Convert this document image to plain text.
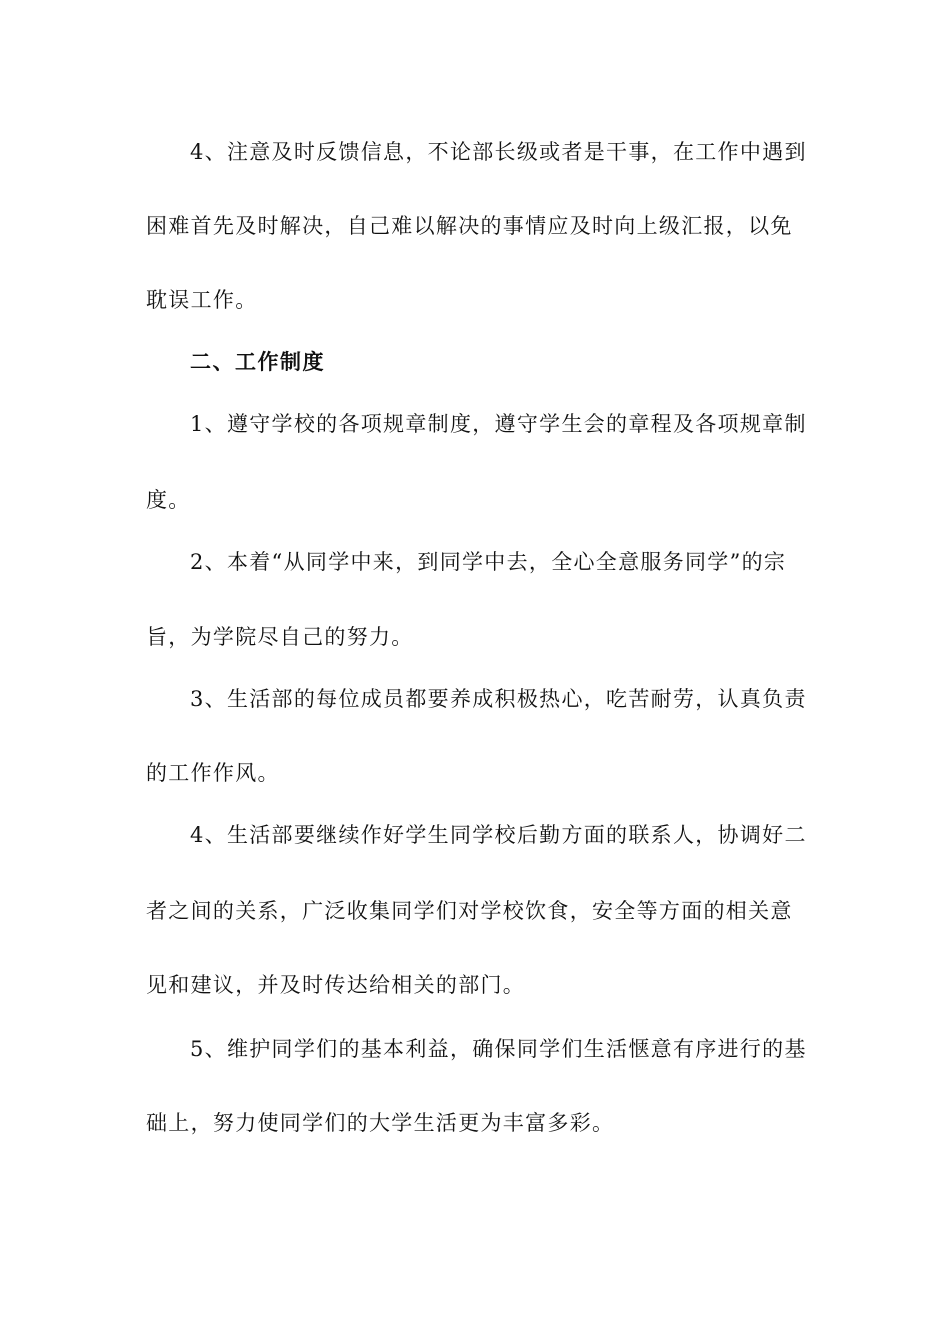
4、注意及时反馈信息，不论部长级或者是干事，在工作中遇到
困难首先及时解决，自己难以解决的事情应及时向上级汇报，以免
耽误工作。
二、工作制度
1、遵守学校的各项规章制度，遵守学生会的章程及各项规章制
度。
2、本着“从同学中来，到同学中去，全心全意服务同学”的宗
旨，为学院尽自己的努力。
3、生活部的每位成员都要养成积极热心，吃苦耐劳，认真负责
的工作作风。
4、生活部要继续作好学生同学校后勤方面的联系人，协调好二
者之间的关系，广泛收集同学们对学校饮食，安全等方面的相关意
见和建议，并及时传达给相关的部门。
5、维护同学们的基本利益，确保同学们生活惬意有序进行的基
础上，努力使同学们的大学生活更为丰富多彩。
